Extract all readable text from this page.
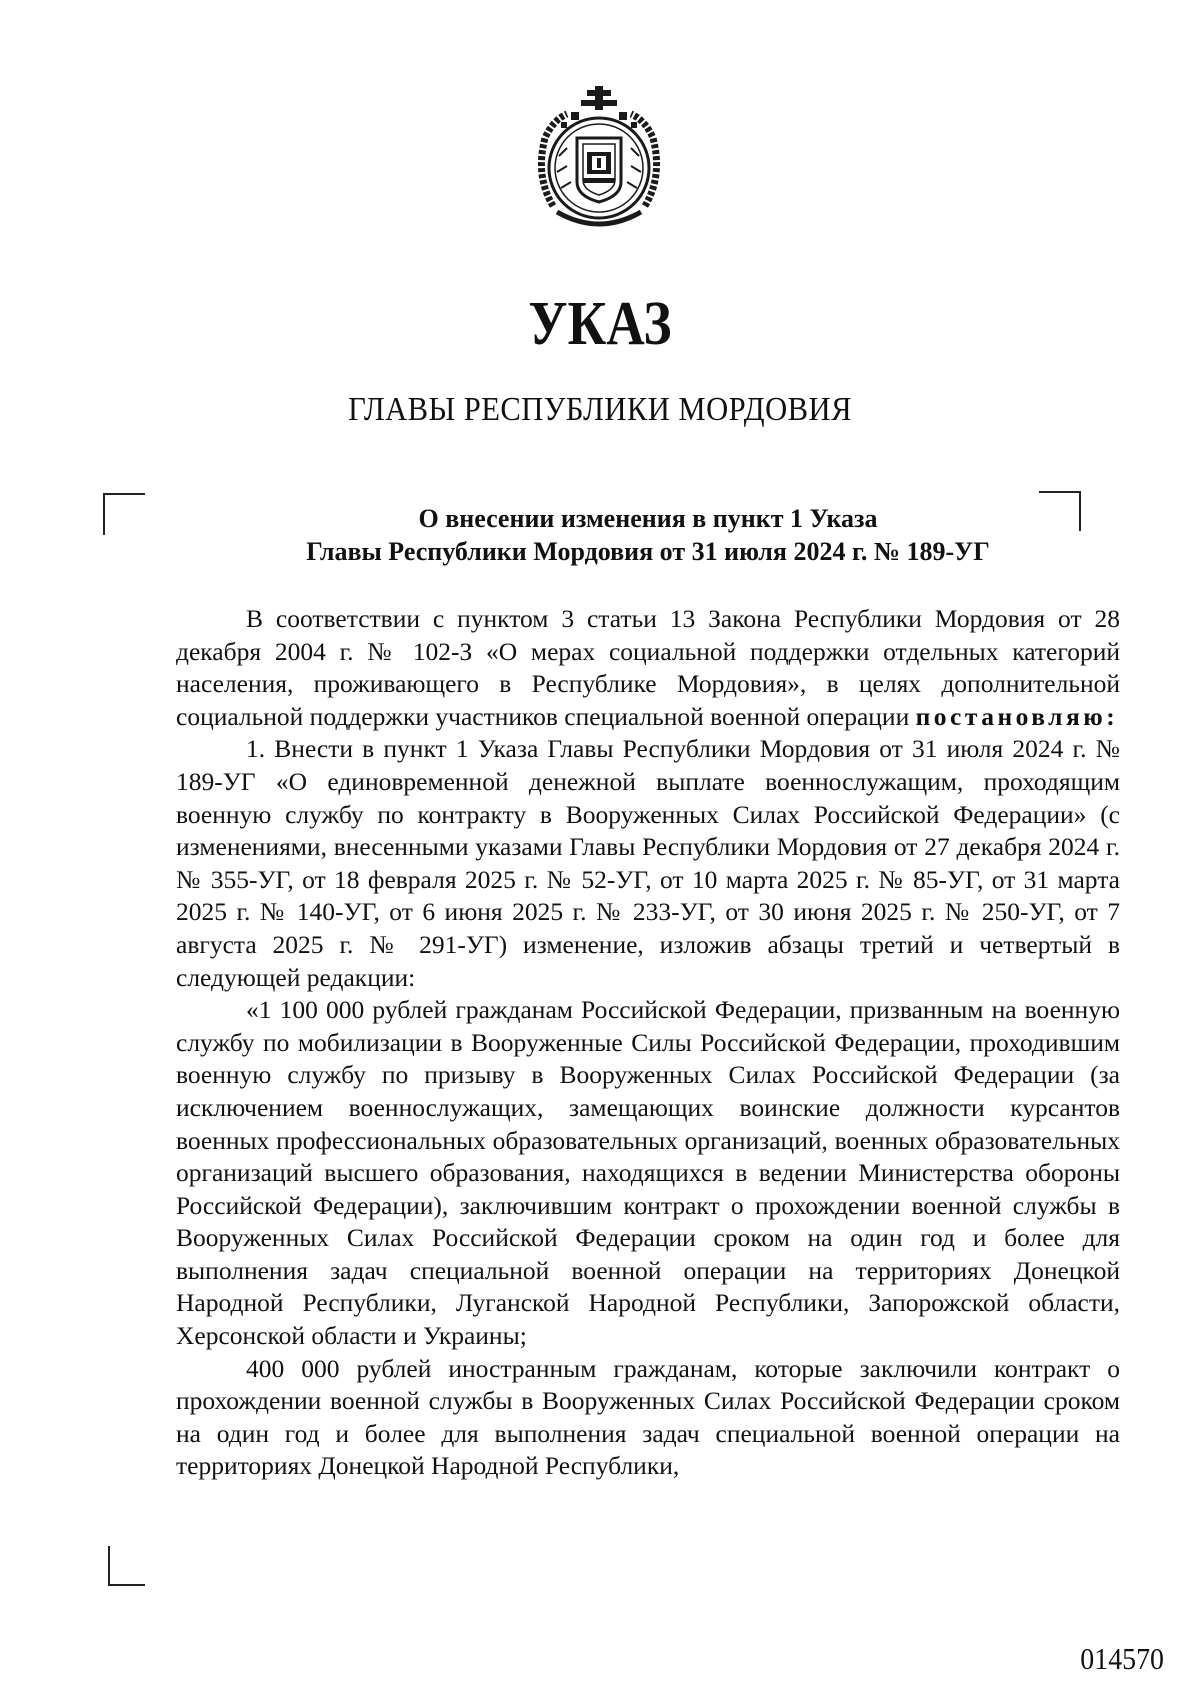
УКАЗ
ГЛАВЫ РЕСПУБЛИКИ МОРДОВИЯ
О внесении изменения в пункт 1 Указа
Главы Республики Мордовия от 31 июля 2024 г. № 189-УГ

В соответствии с пунктом 3 статьи 13 Закона Республики Мордовия от 28 декабря 2004 г. № 102-З «О мерах социальной поддержки отдельных категорий населения, проживающего в Республике Мордовия», в целях дополнительной социальной поддержки участников специальной военной операции постановляю:

1. Внести в пункт 1 Указа Главы Республики Мордовия от 31 июля 2024 г. № 189-УГ «О единовременной денежной выплате военнослужащим, проходящим военную службу по контракту в Вооруженных Силах Российской Федерации» (с изменениями, внесенными указами Главы Республики Мордовия от 27 декабря 2024 г. № 355-УГ, от 18 февраля 2025 г. № 52-УГ, от 10 марта 2025 г. № 85-УГ, от 31 марта 2025 г. № 140-УГ, от 6 июня 2025 г. № 233-УГ, от 30 июня 2025 г. № 250-УГ, от 7 августа 2025 г. № 291-УГ) изменение, изложив абзацы третий и четвертый в следующей редакции:

«1 100 000 рублей гражданам Российской Федерации, призванным на военную службу по мобилизации в Вооруженные Силы Российской Федерации, проходившим военную службу по призыву в Вооруженных Силах Российской Федерации (за исключением военнослужащих, замещающих воинские должности курсантов военных профессиональных образовательных организаций, военных образовательных организаций высшего образования, находящихся в ведении Министерства обороны Российской Федерации), заключившим контракт о прохождении военной службы в Вооруженных Силах Российской Федерации сроком на один год и более для выполнения задач специальной военной операции на территориях Донецкой Народной Республики, Луганской Народной Республики, Запорожской области, Херсонской области и Украины;

400 000 рублей иностранным гражданам, которые заключили контракт о прохождении военной службы в Вооруженных Силах Российской Федерации сроком на один год и более для выполнения задач специальной военной операции на территориях Донецкой Народной Республики,

014570
